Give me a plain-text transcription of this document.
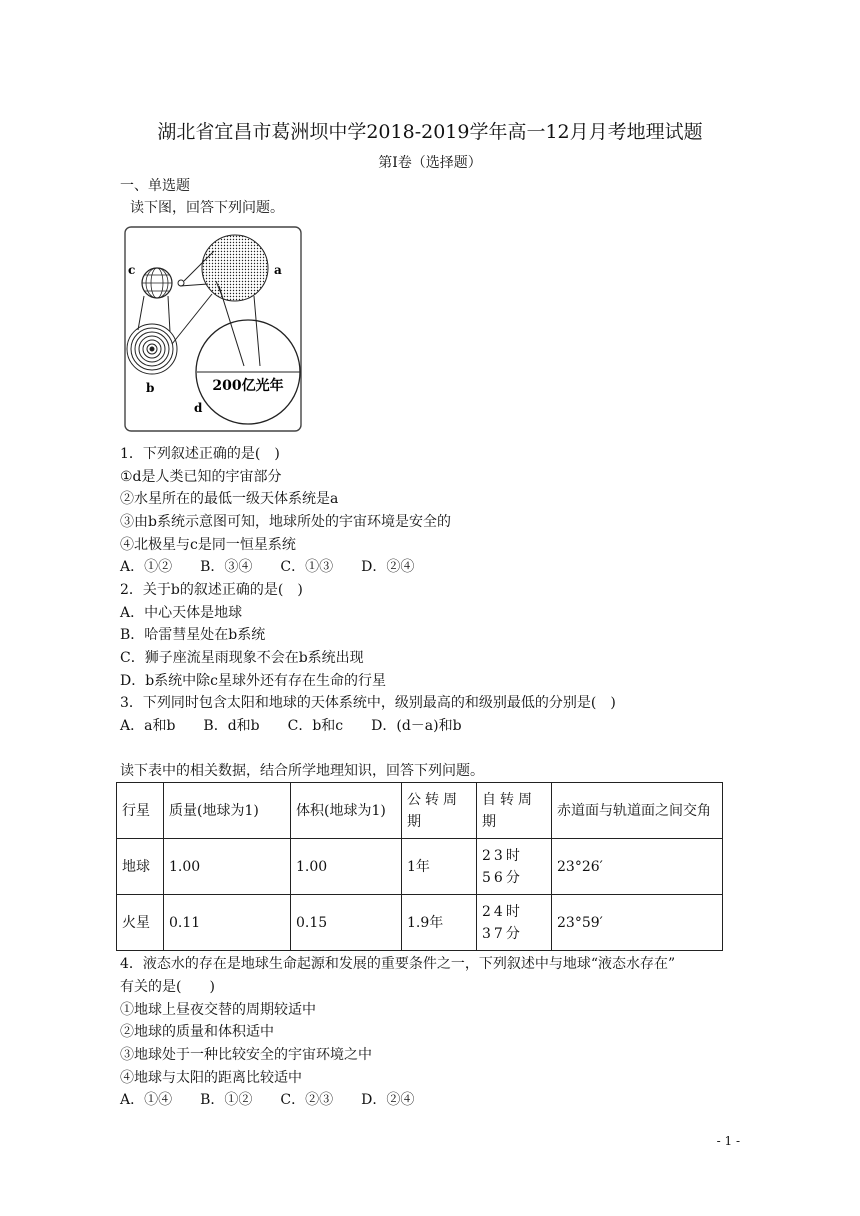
湖北省宜昌市葛洲坝中学2018-2019学年高一12月月考地理试题
第Ⅰ卷（选择题）
一、单选题
读下图，回答下列问题。
c	a
b
d
200亿光年
1．下列叙述正确的是(　)
①d是人类已知的宇宙部分
②水星所在的最低一级天体系统是a
③由b系统示意图可知，地球所处的宇宙环境是安全的
④北极星与c是同一恒星系统
A．①②　　B．③④　　C．①③　　D．②④
2．关于b的叙述正确的是(　)
A．中心天体是地球
B．哈雷彗星处在b系统
C．狮子座流星雨现象不会在b系统出现
D．b系统中除c星球外还有存在生命的行星
3．下列同时包含太阳和地球的天体系统中，级别最高的和级别最低的分别是(　)
A．a和b　　B．d和b　　C．b和c　　D．(d－a)和b
读下表中的相关数据，结合所学地理知识，回答下列问题。
行星	质量(地球为1)	体积(地球为1)	公转周期	自转周期	赤道面与轨道面之间交角
地球	1.00	1.00	1年	23时56分	23°26′
火星	0.11	0.15	1.9年	24时37分	23°59′
4．液态水的存在是地球生命起源和发展的重要条件之一，下列叙述中与地球“液态水存在”
有关的是(　　)
①地球上昼夜交替的周期较适中
②地球的质量和体积适中
③地球处于一种比较安全的宇宙环境之中
④地球与太阳的距离比较适中
A．①④　　B．①②　　C．②③　　D．②④
- 1 -
